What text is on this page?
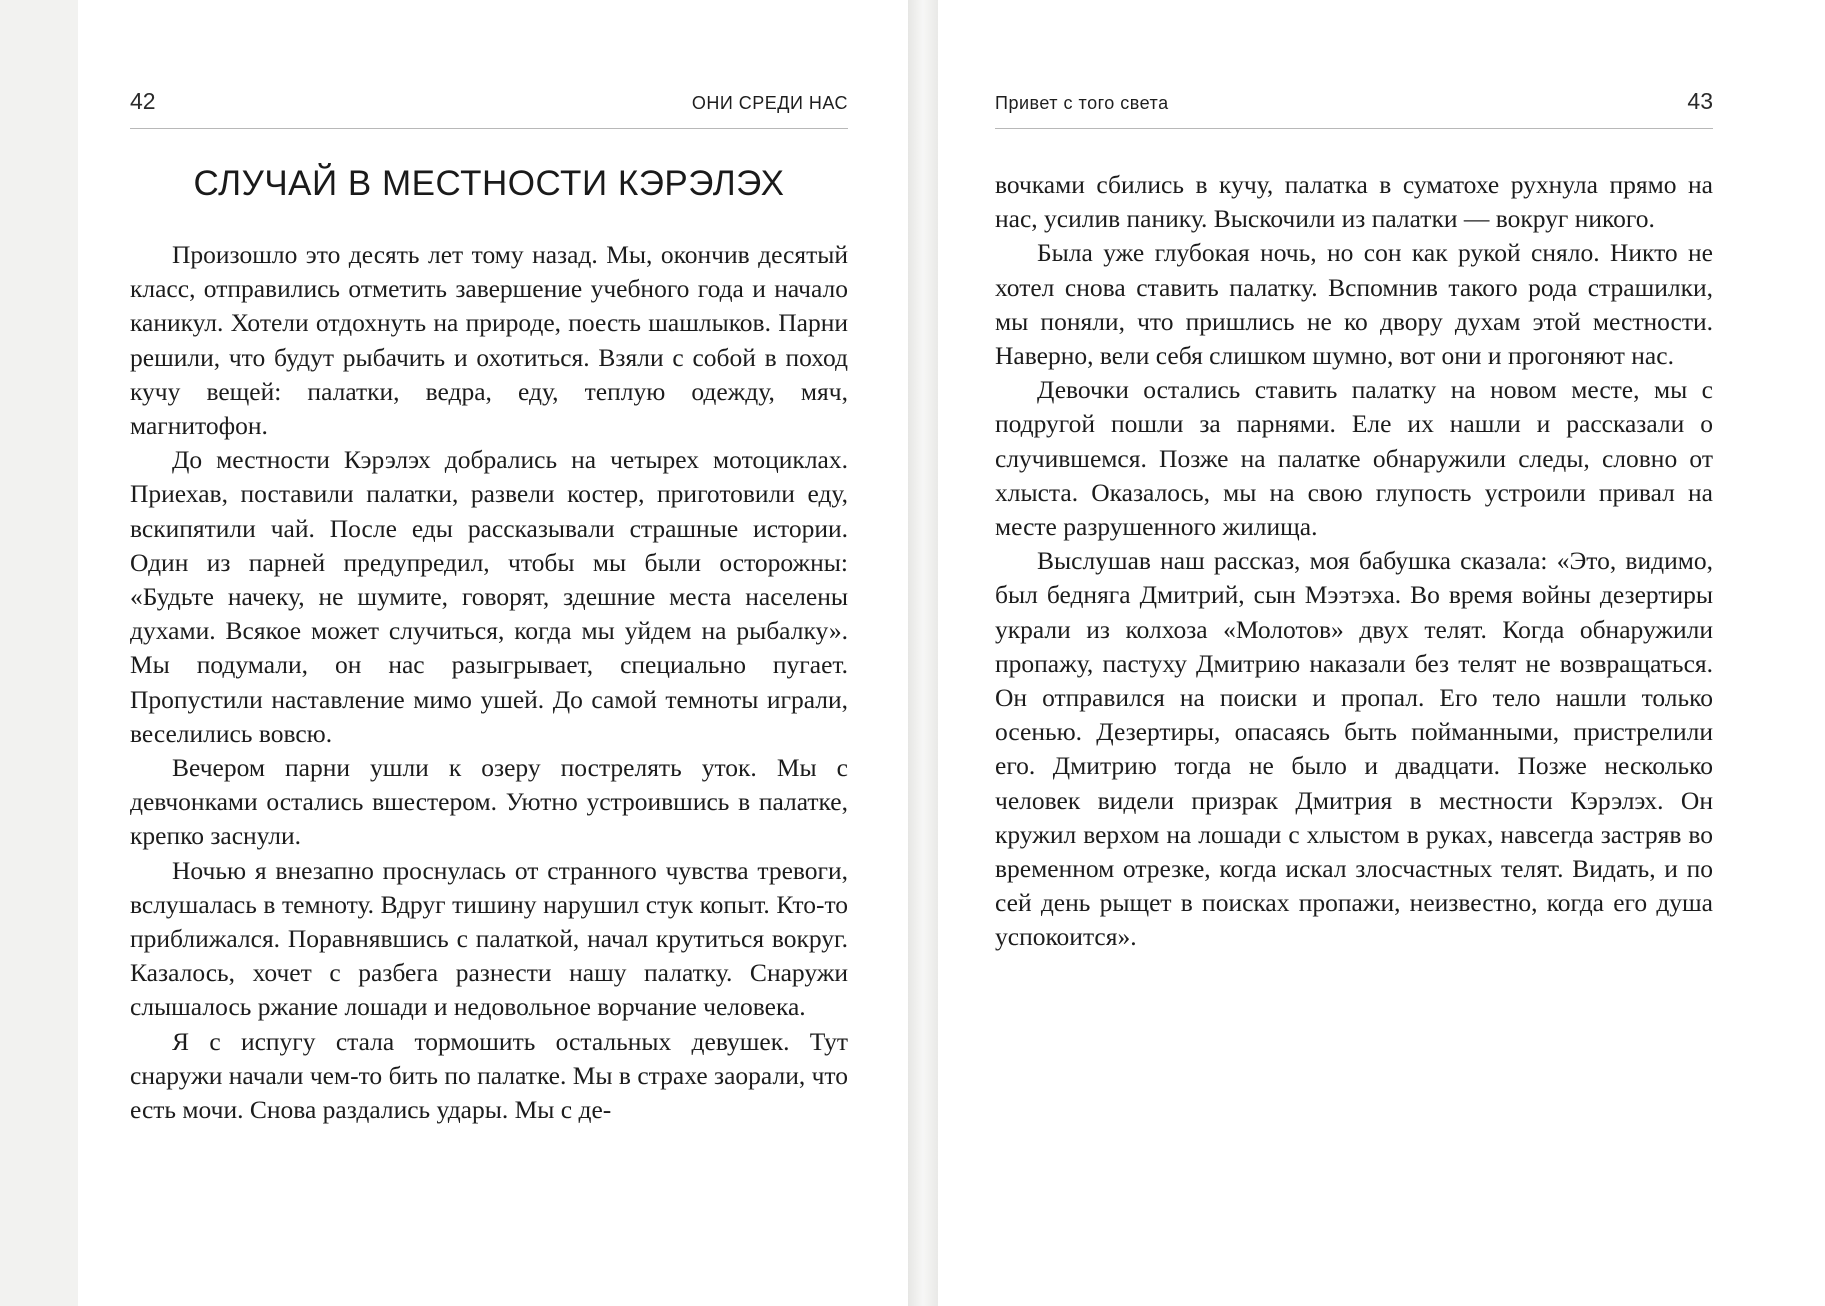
42	ОНИ СРЕДИ НАС
СЛУЧАЙ В МЕСТНОСТИ КЭРЭЛЭХ

Произошло это десять лет тому назад. Мы, окончив десятый класс, отправились отметить завершение учебного года и начало каникул. Хотели отдохнуть на природе, поесть шашлыков. Парни решили, что будут рыбачить и охотиться. Взяли с собой в поход кучу вещей: палатки, ведра, еду, теплую одежду, мяч, магнитофон.

До местности Кэрэлэх добрались на четырех мотоциклах. Приехав, поставили палатки, развели костер, приготовили еду, вскипятили чай. После еды рассказывали страшные истории. Один из парней предупредил, чтобы мы были осторожны: «Будьте начеку, не шумите, говорят, здешние места населены духами. Всякое может случиться, когда мы уйдем на рыбалку». Мы подумали, он нас разыгрывает, специально пугает. Пропустили наставление мимо ушей. До самой темноты играли, веселились вовсю.

Вечером парни ушли к озеру пострелять уток. Мы с девчонками остались вшестером. Уютно устроившись в палатке, крепко заснули.

Ночью я внезапно проснулась от странного чувства тревоги, вслушалась в темноту. Вдруг тишину нарушил стук копыт. Кто-то приближался. Поравнявшись с палаткой, начал крутиться вокруг. Казалось, хочет с разбега разнести нашу палатку. Снаружи слышалось ржание лошади и недовольное ворчание человека.

Я с испугу стала тормошить остальных девушек. Тут снаружи начали чем-то бить по палатке. Мы в страхе заорали, что есть мочи. Снова раздались удары. Мы с де-

Привет с того света	43

вочками сбились в кучу, палатка в суматохе рухнула прямо на нас, усилив панику. Выскочили из палатки — вокруг никого.

Была уже глубокая ночь, но сон как рукой сняло. Никто не хотел снова ставить палатку. Вспомнив такого рода страшилки, мы поняли, что пришлись не ко двору духам этой местности. Наверно, вели себя слишком шумно, вот они и прогоняют нас.

Девочки остались ставить палатку на новом месте, мы с подругой пошли за парнями. Еле их нашли и рассказали о случившемся. Позже на палатке обнаружили следы, словно от хлыста. Оказалось, мы на свою глупость устроили привал на месте разрушенного жилища.

Выслушав наш рассказ, моя бабушка сказала: «Это, видимо, был бедняга Дмитрий, сын Мээтэха. Во время войны дезертиры украли из колхоза «Молотов» двух телят. Когда обнаружили пропажу, пастуху Дмитрию наказали без телят не возвращаться. Он отправился на поиски и пропал. Его тело нашли только осенью. Дезертиры, опасаясь быть пойманными, пристрелили его. Дмитрию тогда не было и двадцати. Позже несколько человек видели призрак Дмитрия в местности Кэрэлэх. Он кружил верхом на лошади с хлыстом в руках, навсегда застряв во временном отрезке, когда искал злосчастных телят. Видать, и по сей день рыщет в поисках пропажи, неизвестно, когда его душа успокоится».
